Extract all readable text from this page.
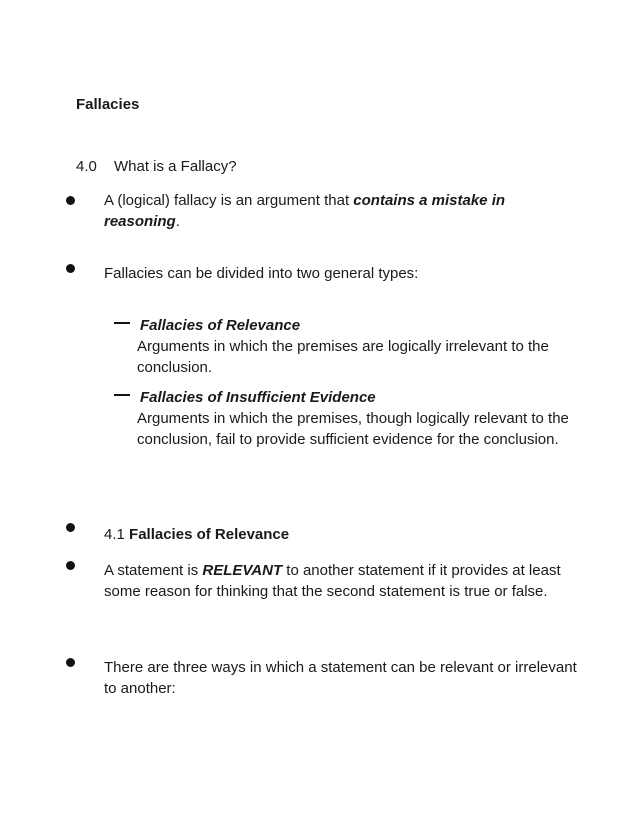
Fallacies
4.0 What is a Fallacy?
A (logical) fallacy is an argument that contains a mistake in reasoning.
Fallacies can be divided into two general types:
Fallacies of Relevance
Arguments in which the premises are logically irrelevant to the conclusion.
Fallacies of Insufficient Evidence
Arguments in which the premises, though logically relevant to the conclusion, fail to provide sufficient evidence for the conclusion.
4.1 Fallacies of Relevance
A statement is RELEVANT to another statement if it provides at least some reason for thinking that the second statement is true or false.
There are three ways in which a statement can be relevant or irrelevant to another:
